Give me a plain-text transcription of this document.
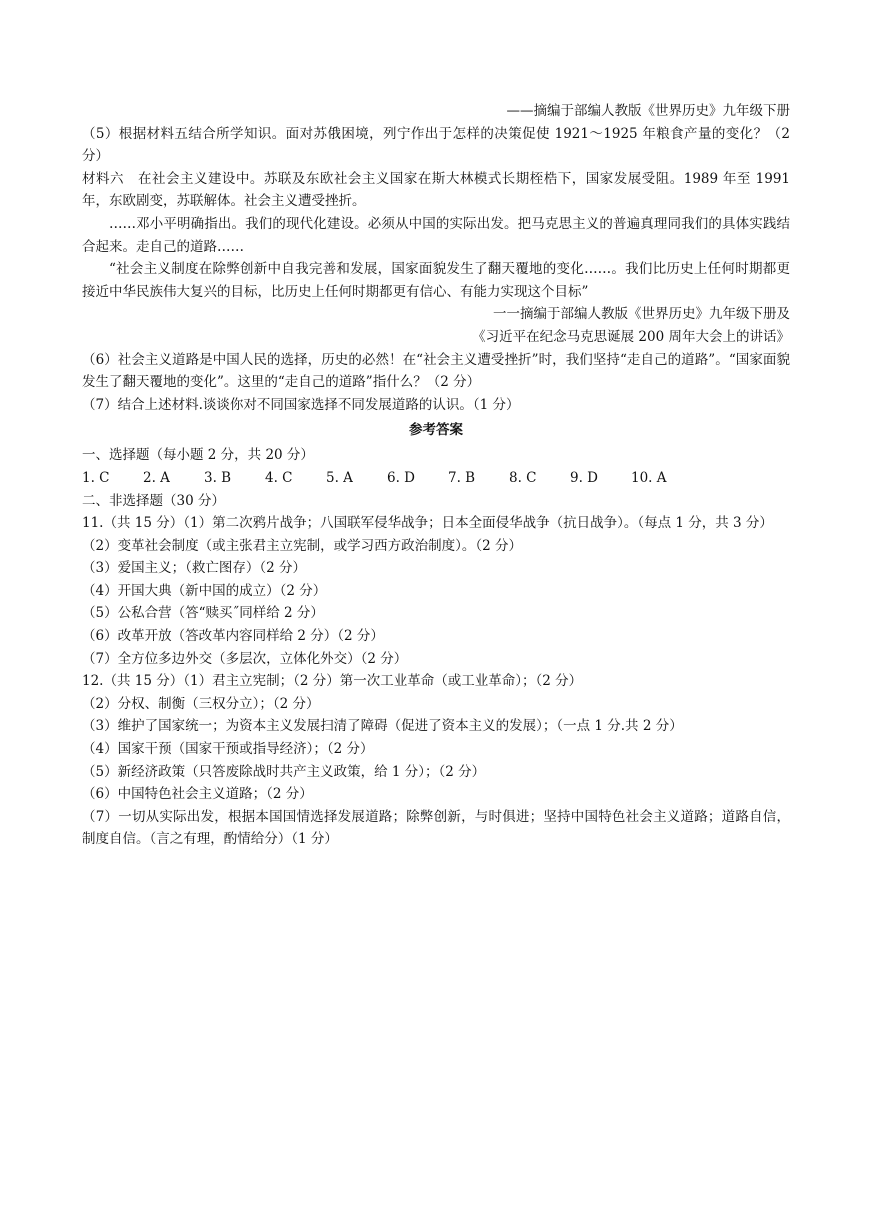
——摘编于部编人教版《世界历史》九年级下册
（5）根据材料五结合所学知识。面对苏俄困境，列宁作出于怎样的决策促使 1921～1925 年粮食产量的变化？（2 分）
材料六　在社会主义建设中。苏联及东欧社会主义国家在斯大林模式长期桎梏下，国家发展受阻。1989 年至 1991 年，东欧剧变，苏联解体。社会主义遭受挫折。
……邓小平明确指出。我们的现代化建设。必须从中国的实际出发。把马克思主义的普遍真理同我们的具体实践结合起来。走自己的道路……
“社会主义制度在除弊创新中自我完善和发展，国家面貌发生了翻天覆地的变化……。我们比历史上任何时期都更接近中华民族伟大复兴的目标，比历史上任何时期都更有信心、有能力实现这个目标”
一一摘编于部编人教版《世界历史》九年级下册及
《习近平在纪念马克思诞展 200 周年大会上的讲话》
（6）社会主义道路是中国人民的选择，历史的必然！在“社会主义遭受挫折”时，我们坚持“走自己的道路”。“国家面貌发生了翻天覆地的变化”。这里的“走自己的道路”指什么？（2 分）
（7）结合上述材料.谈谈你对不同国家选择不同发展道路的认识。（1 分）
参考答案
一、选择题（每小题 2 分，共 20 分）
1. C	2. A	3. B	4. C	5. A	6. D	7. B	8. C	9. D	10. A
二、非选择题（30 分）
11.（共 15 分）（1）第二次鸦片战争；八国联军侵华战争；日本全面侵华战争（抗日战争）。（每点 1 分，共 3 分）
（2）变革社会制度（或主张君主立宪制，或学习西方政治制度）。（2 分）
（3）爱国主义；（救亡图存）（2 分）
（4）开国大典（新中国的成立）（2 分）
（5）公私合营（答“赎买˝同样给 2 分）
（6）改革开放（答改革内容同样给 2 分）（2 分）
（7）全方位多边外交（多层次，立体化外交）（2 分）
12.（共 15 分）（1）君主立宪制；（2 分）第一次工业革命（或工业革命）；（2 分）
（2）分权、制衡（三权分立）；（2 分）
（3）维护了国家统一；为资本主义发展扫清了障碍（促进了资本主义的发展）；（一点 1 分.共 2 分）
（4）国家干预（国家干预或指导经济）；（2 分）
（5）新经济政策（只答废除战时共产主义政策，给 1 分）；（2 分）
（6）中国特色社会主义道路；（2 分）
（7）一切从实际出发，根据本国国情选择发展道路；除弊创新，与时俱进；坚持中国特色社会主义道路；道路自信，制度自信。（言之有理，酌情给分）（1 分）
